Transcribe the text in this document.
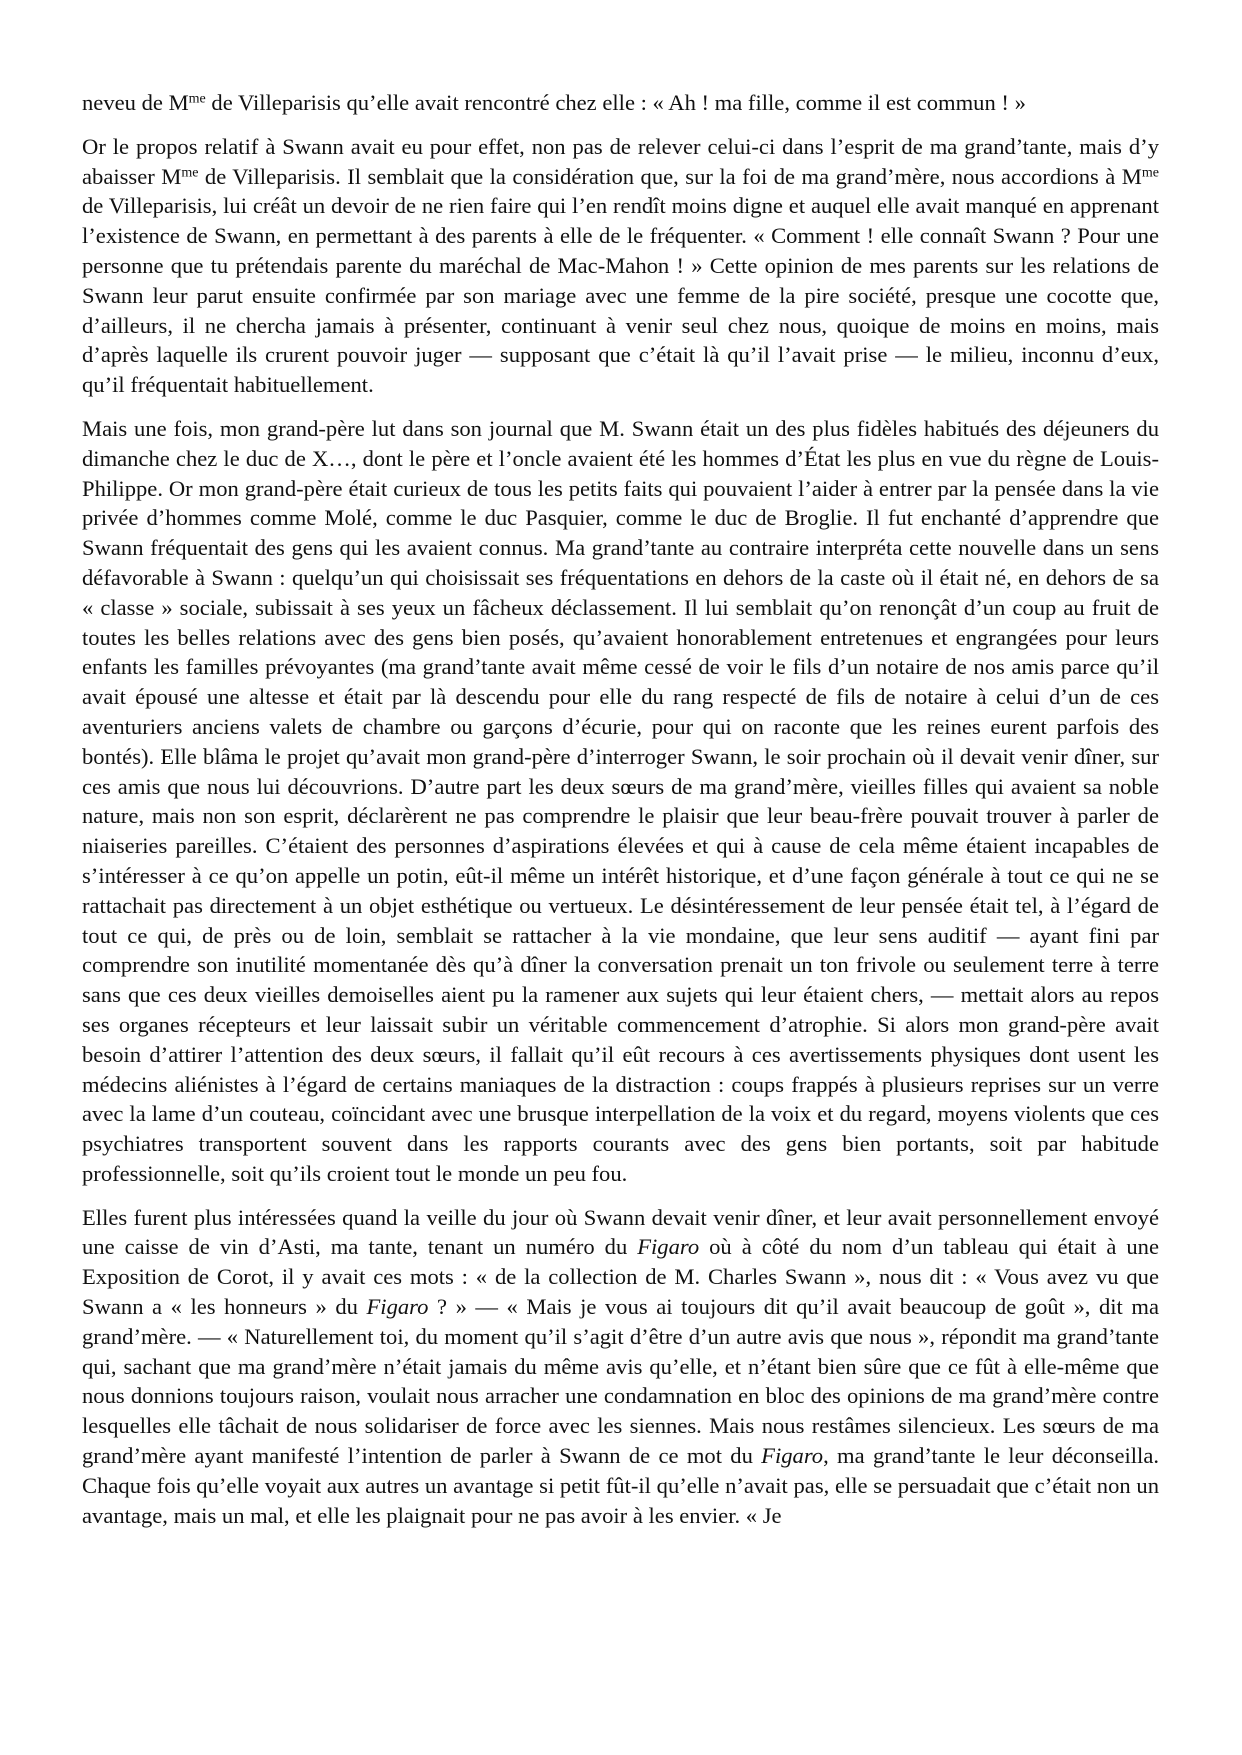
neveu de $M^{me}$ de Villeparisis qu’elle avait rencontré chez elle : « Ah ! ma fille, comme il est commun ! »

Or le propos relatif à Swann avait eu pour effet, non pas de relever celui-ci dans l’esprit de ma grand’tante, mais d’y abaisser $M^{me}$ de Villeparisis. Il semblait que la considération que, sur la foi de ma grand’mère, nous accordions à $M^{me}$ de Villeparisis, lui créât un devoir de ne rien faire qui l’en rendît moins digne et auquel elle avait manqué en apprenant l’existence de Swann, en permettant à des parents à elle de le fréquenter. « Comment ! elle connaît Swann ? Pour une personne que tu prétendais parente du maréchal de Mac-Mahon ! » Cette opinion de mes parents sur les relations de Swann leur parut ensuite confirmée par son mariage avec une femme de la pire société, presque une cocotte que, d’ailleurs, il ne chercha jamais à présenter, continuant à venir seul chez nous, quoique de moins en moins, mais d’après laquelle ils crurent pouvoir juger — supposant que c’était là qu’il l’avait prise — le milieu, inconnu d’eux, qu’il fréquentait habituellement.

Mais une fois, mon grand-père lut dans son journal que M. Swann était un des plus fidèles habitués des déjeuners du dimanche chez le duc de X…, dont le père et l’oncle avaient été les hommes d’État les plus en vue du règne de Louis-Philippe. Or mon grand-père était curieux de tous les petits faits qui pouvaient l’aider à entrer par la pensée dans la vie privée d’hommes comme Molé, comme le duc Pasquier, comme le duc de Broglie. Il fut enchanté d’apprendre que Swann fréquentait des gens qui les avaient connus. Ma grand’tante au contraire interpréta cette nouvelle dans un sens défavorable à Swann : quelqu’un qui choisissait ses fréquentations en dehors de la caste où il était né, en dehors de sa « classe » sociale, subissait à ses yeux un fâcheux déclassement. Il lui semblait qu’on renonçât d’un coup au fruit de toutes les belles relations avec des gens bien posés, qu’avaient honorablement entretenues et engrangées pour leurs enfants les familles prévoyantes (ma grand’tante avait même cessé de voir le fils d’un notaire de nos amis parce qu’il avait épousé une altesse et était par là descendu pour elle du rang respecté de fils de notaire à celui d’un de ces aventuriers anciens valets de chambre ou garçons d’écurie, pour qui on raconte que les reines eurent parfois des bontés). Elle blâma le projet qu’avait mon grand-père d’interroger Swann, le soir prochain où il devait venir dîner, sur ces amis que nous lui découvrions. D’autre part les deux sœurs de ma grand’mère, vieilles filles qui avaient sa noble nature, mais non son esprit, déclarèrent ne pas comprendre le plaisir que leur beau-frère pouvait trouver à parler de niaiseries pareilles. C’étaient des personnes d’aspirations élevées et qui à cause de cela même étaient incapables de s’intéresser à ce qu’on appelle un potin, eût-il même un intérêt historique, et d’une façon générale à tout ce qui ne se rattachait pas directement à un objet esthétique ou vertueux. Le désintéressement de leur pensée était tel, à l’égard de tout ce qui, de près ou de loin, semblait se rattacher à la vie mondaine, que leur sens auditif — ayant fini par comprendre son inutilité momentanée dès qu’à dîner la conversation prenait un ton frivole ou seulement terre à terre sans que ces deux vieilles demoiselles aient pu la ramener aux sujets qui leur étaient chers, — mettait alors au repos ses organes récepteurs et leur laissait subir un véritable commencement d’atrophie. Si alors mon grand-père avait besoin d’attirer l’attention des deux sœurs, il fallait qu’il eût recours à ces avertissements physiques dont usent les médecins aliénistes à l’égard de certains maniaques de la distraction : coups frappés à plusieurs reprises sur un verre avec la lame d’un couteau, coïncidant avec une brusque interpellation de la voix et du regard, moyens violents que ces psychiatres transportent souvent dans les rapports courants avec des gens bien portants, soit par habitude professionnelle, soit qu’ils croient tout le monde un peu fou.

Elles furent plus intéressées quand la veille du jour où Swann devait venir dîner, et leur avait personnellement envoyé une caisse de vin d’Asti, ma tante, tenant un numéro du Figaro où à côté du nom d’un tableau qui était à une Exposition de Corot, il y avait ces mots : « de la collection de M. Charles Swann », nous dit : « Vous avez vu que Swann a « les honneurs » du Figaro ? » — « Mais je vous ai toujours dit qu’il avait beaucoup de goût », dit ma grand’mère. — « Naturellement toi, du moment qu’il s’agit d’être d’un autre avis que nous », répondit ma grand’tante qui, sachant que ma grand’mère n’était jamais du même avis qu’elle, et n’étant bien sûre que ce fût à elle-même que nous donnions toujours raison, voulait nous arracher une condamnation en bloc des opinions de ma grand’mère contre lesquelles elle tâchait de nous solidariser de force avec les siennes. Mais nous restâmes silencieux. Les sœurs de ma grand’mère ayant manifesté l’intention de parler à Swann de ce mot du Figaro, ma grand’tante le leur déconseilla. Chaque fois qu’elle voyait aux autres un avantage si petit fût-il qu’elle n’avait pas, elle se persuadait que c’était non un avantage, mais un mal, et elle les plaignait pour ne pas avoir à les envier. « Je
